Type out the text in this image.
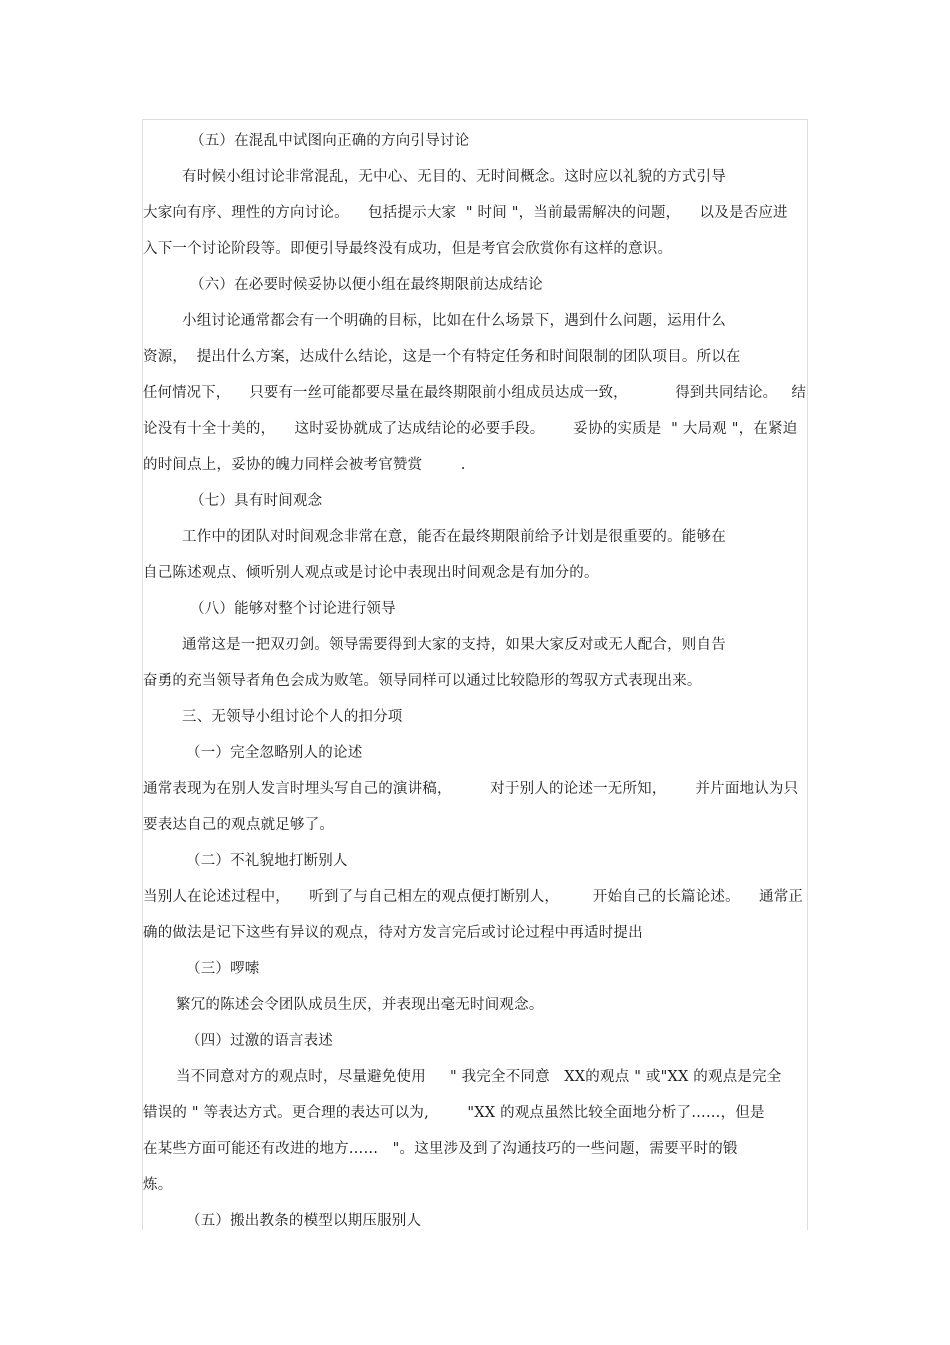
（五）在混乱中试图向正确的方向引导讨论
有时候小组讨论非常混乱，无中心、无目的、无时间概念。这时应以礼貌的方式引导
大家向有序、理性的方向讨论。    包括提示大家  " 时间 "，当前最需解决的问题，    以及是否应进
入下一个讨论阶段等。即便引导最终没有成功，但是考官会欣赏你有这样的意识。
（六）在必要时候妥协以便小组在最终期限前达成结论
小组讨论通常都会有一个明确的目标，比如在什么场景下，遇到什么问题，运用什么
资源，  提出什么方案，达成什么结论，这是一个有特定任务和时间限制的团队项目。所以在
任何情况下，    只要有一丝可能都要尽量在最终期限前小组成员达成一致，          得到共同结论。   结
论没有十全十美的，    这时妥协就成了达成结论的必要手段。      妥协的实质是  " 大局观 "，在紧迫
的时间点上，妥协的魄力同样会被考官赞赏        .
（七）具有时间观念
工作中的团队对时间观念非常在意，能否在最终期限前给予计划是很重要的。能够在
自己陈述观点、倾听别人观点或是讨论中表现出时间观念是有加分的。
（八）能够对整个讨论进行领导
通常这是一把双刃剑。领导需要得到大家的支持，如果大家反对或无人配合，则自告
奋勇的充当领导者角色会成为败笔。领导同样可以通过比较隐形的驾驭方式表现出来。
三、无领导小组讨论个人的扣分项
（一）完全忽略别人的论述
通常表现为在别人发言时埋头写自己的演讲稿，        对于别人的论述一无所知，      并片面地认为只
要表达自己的观点就足够了。
（二）不礼貌地打断别人
当别人在论述过程中，    听到了与自己相左的观点便打断别人，       开始自己的长篇论述。    通常正
确的做法是记下这些有异议的观点，待对方发言完后或讨论过程中再适时提出
（三）啰嗦
繁冗的陈述会令团队成员生厌，并表现出毫无时间观念。
（四）过激的语言表述
当不同意对方的观点时，尽量避免使用     " 我完全不同意   XX的观点 " 或"XX 的观点是完全
错误的 " 等表达方式。更合理的表达可以为,        "XX 的观点虽然比较全面地分析了……，但是
在某些方面可能还有改进的地方……   "。这里涉及到了沟通技巧的一些问题，需要平时的锻
炼。
（五）搬出教条的模型以期压服别人
